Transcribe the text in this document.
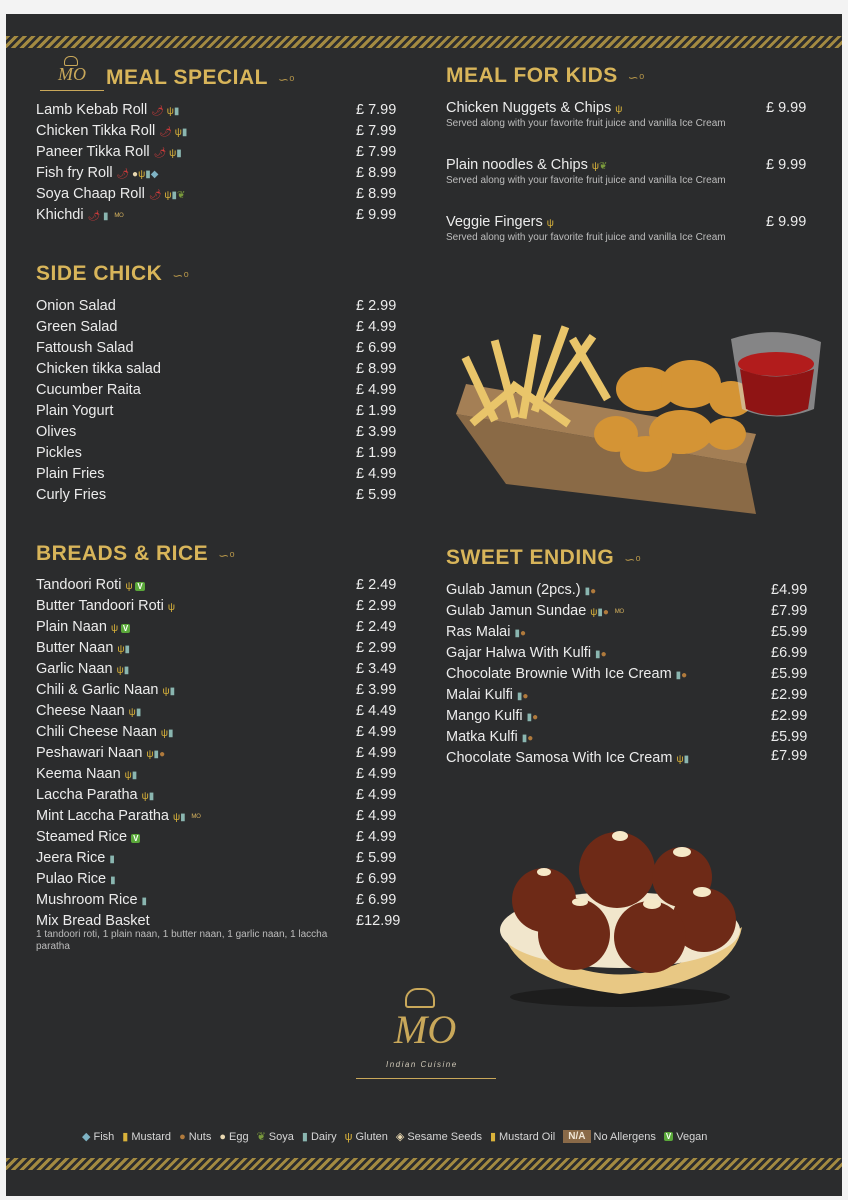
MO MEAL SPECIAL ∽ᵒ
Lamb Kebab Roll 🌶 ψ▮	£ 7.99
Chicken Tikka Roll 🌶 ψ▮	£ 7.99
Paneer Tikka Roll 🌶 ψ▮	£ 7.99
Fish fry Roll 🌶 ●ψ▮◆	£ 8.99
Soya Chaap Roll 🌶 ψ▮❦	£ 8.99
Khichdi 🌶 ▮ ᴹᴼ	£ 9.99
SIDE CHICK ∽ᵒ
Onion Salad	£ 2.99
Green Salad	£ 4.99
Fattoush Salad	£ 6.99
Chicken tikka salad	£ 8.99
Cucumber Raita	£ 4.99
Plain Yogurt	£ 1.99
Olives	£ 3.99
Pickles	£ 1.99
Plain Fries	£ 4.99
Curly Fries	£ 5.99
BREADS & RICE ∽ᵒ
Tandoori Roti ψ V	£ 2.49
Butter Tandoori Roti ψ	£ 2.99
Plain Naan ψ V	£ 2.49
Butter Naan ψ▮	£ 2.99
Garlic Naan ψ▮	£ 3.49
Chili & Garlic Naan ψ▮	£ 3.99
Cheese Naan ψ▮	£ 4.49
Chili Cheese Naan ψ▮	£ 4.99
Peshawari Naan ψ▮●	£ 4.99
Keema Naan ψ▮	£ 4.99
Laccha Paratha ψ▮	£ 4.99
Mint Laccha Paratha ψ▮ ᴹᴼ	£ 4.99
Steamed Rice V	£ 4.99
Jeera Rice ▮	£ 5.99
Pulao Rice ▮	£ 6.99
Mushroom Rice ▮	£ 6.99
Mix Bread Basket	£12.99
1 tandoori roti, 1 plain naan, 1 butter naan, 1 garlic naan, 1 laccha paratha
MEAL FOR KIDS ∽ᵒ
Chicken Nuggets & Chips ψ	£ 9.99
Served along with your favorite fruit juice and vanilla Ice Cream
Plain noodles & Chips ψ❦	£ 9.99
Served along with your favorite fruit juice and vanilla Ice Cream
Veggie Fingers ψ	£ 9.99
Served along with your favorite fruit juice and vanilla Ice Cream
SWEET ENDING ∽ᵒ
Gulab Jamun (2pcs.) ▮●	£4.99
Gulab Jamun Sundae ψ▮● ᴹᴼ	£7.99
Ras Malai ▮●	£5.99
Gajar Halwa With Kulfi ▮●	£6.99
Chocolate Brownie With Ice Cream ▮●	£5.99
Malai Kulfi ▮●	£2.99
Mango Kulfi ▮●	£2.99
Matka Kulfi ▮●	£5.99
Chocolate Samosa With Ice Cream ψ▮	£7.99
MO
Indian Cuisine
◆ Fish ▮ Mustard ● Nuts ● Egg ❦ Soya ▮ Dairy ψ Gluten ◈ Sesame Seeds ▮ Mustard Oil	N/A No Allergens V Vegan
